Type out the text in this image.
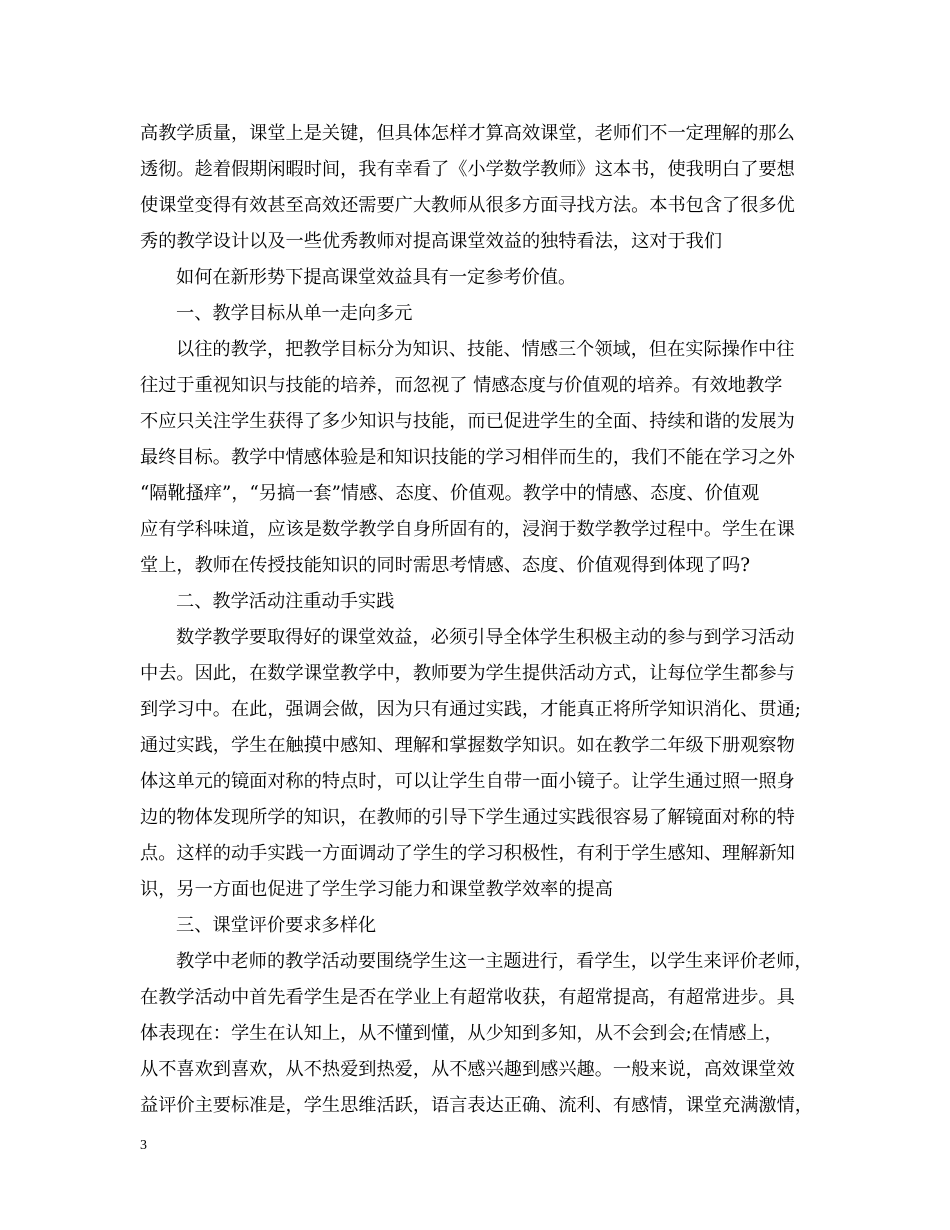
高教学质量，课堂上是关键，但具体怎样才算高效课堂，老师们不一定理解的那么
透彻。趁着假期闲暇时间，我有幸看了《小学数学教师》这本书，使我明白了要想
使课堂变得有效甚至高效还需要广大教师从很多方面寻找方法。本书包含了很多优
秀的教学设计以及一些优秀教师对提高课堂效益的独特看法，这对于我们
如何在新形势下提高课堂效益具有一定参考价值。
一、教学目标从单一走向多元
以往的教学，把教学目标分为知识、技能、情感三个领域，但在实际操作中往
往过于重视知识与技能的培养，而忽视了 情感态度与价值观的培养。有效地教学
不应只关注学生获得了多少知识与技能，而已促进学生的全面、持续和谐的发展为
最终目标。教学中情感体验是和知识技能的学习相伴而生的，我们不能在学习之外
“隔靴搔痒”，“另搞一套”情感、态度、价值观。教学中的情感、态度、价值观
应有学科味道，应该是数学教学自身所固有的，浸润于数学教学过程中。学生在课
堂上，教师在传授技能知识的同时需思考情感、态度、价值观得到体现了吗?
二、教学活动注重动手实践
数学教学要取得好的课堂效益，必须引导全体学生积极主动的参与到学习活动
中去。因此，在数学课堂教学中，教师要为学生提供活动方式，让每位学生都参与
到学习中。在此，强调会做，因为只有通过实践，才能真正将所学知识消化、贯通;
通过实践，学生在触摸中感知、理解和掌握数学知识。如在教学二年级下册观察物
体这单元的镜面对称的特点时，可以让学生自带一面小镜子。让学生通过照一照身
边的物体发现所学的知识，在教师的引导下学生通过实践很容易了解镜面对称的特
点。这样的动手实践一方面调动了学生的学习积极性，有利于学生感知、理解新知
识，另一方面也促进了学生学习能力和课堂教学效率的提高
三、课堂评价要求多样化
教学中老师的教学活动要围绕学生这一主题进行，看学生，以学生来评价老师，
在教学活动中首先看学生是否在学业上有超常收获，有超常提高，有超常进步。具
体表现在：学生在认知上，从不懂到懂，从少知到多知，从不会到会;在情感上，
从不喜欢到喜欢，从不热爱到热爱，从不感兴趣到感兴趣。一般来说，高效课堂效
益评价主要标准是，学生思维活跃，语言表达正确、流利、有感情，课堂充满激情，
3
